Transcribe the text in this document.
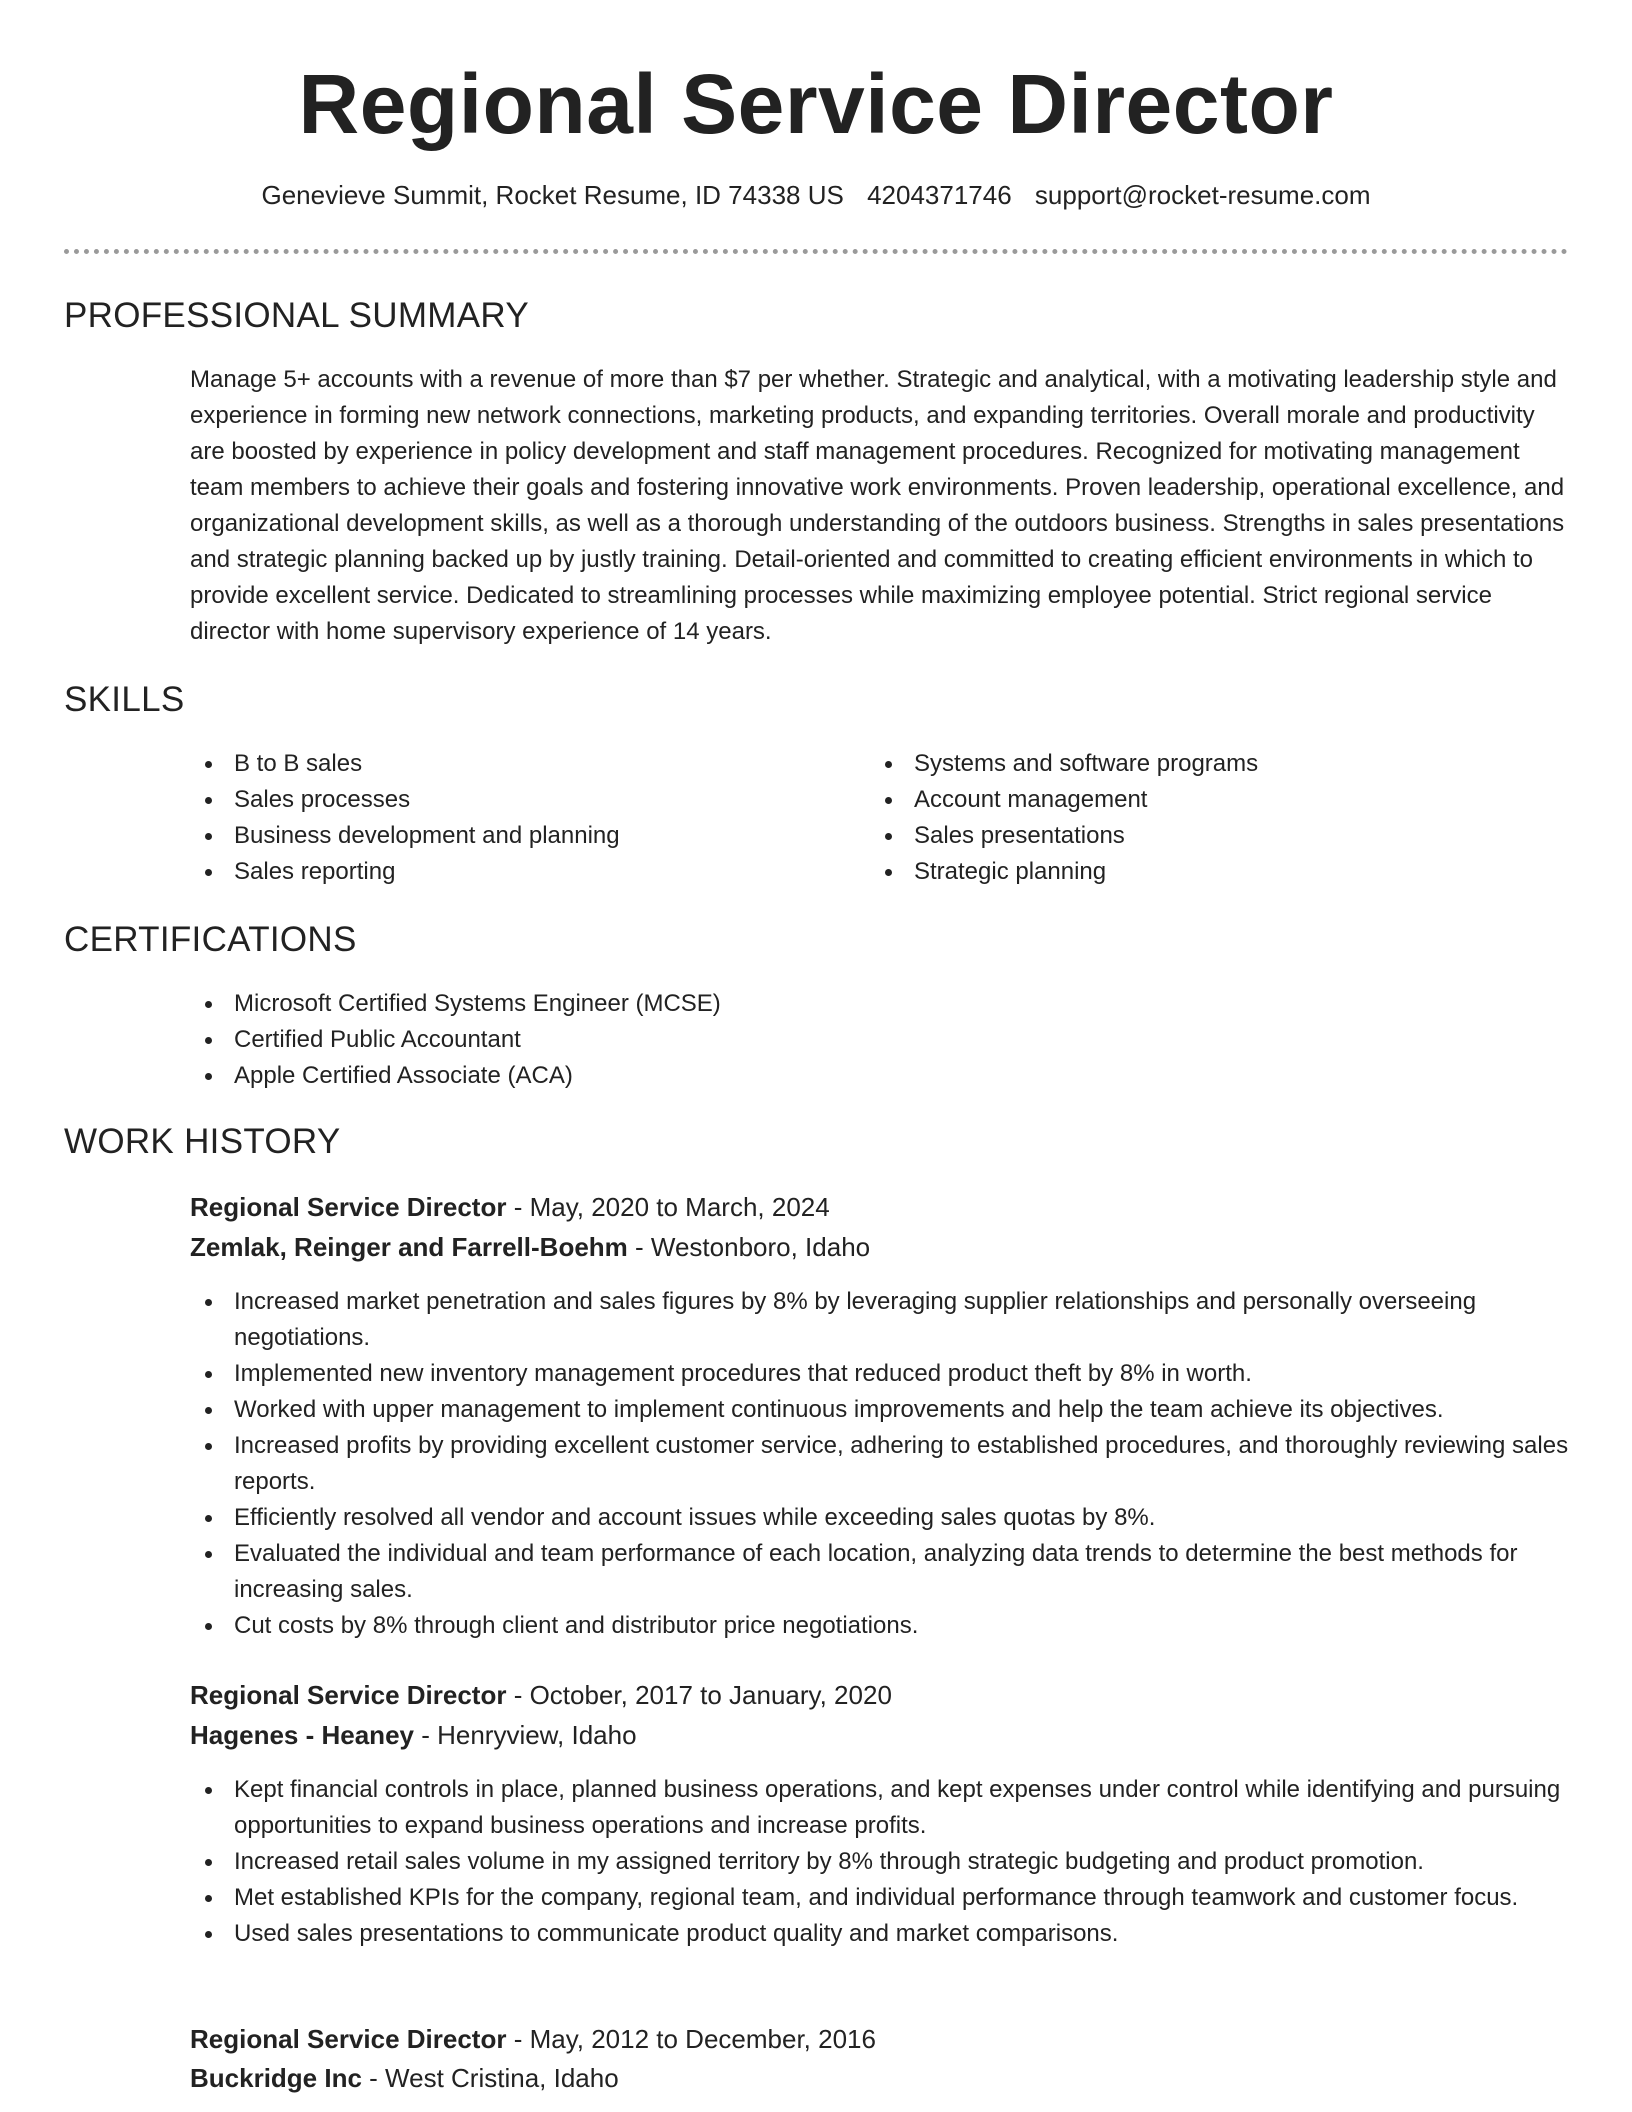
Regional Service Director
Genevieve Summit, Rocket Resume, ID 74338 US 4204371746 support@rocket-resume.com
PROFESSIONAL SUMMARY

Manage 5+ accounts with a revenue of more than $7 per whether. Strategic and analytical, with a motivating leadership style and experience in forming new network connections, marketing products, and expanding territories. Overall morale and productivity are boosted by experience in policy development and staff management procedures. Recognized for motivating management team members to achieve their goals and fostering innovative work environments. Proven leadership, operational excellence, and organizational development skills, as well as a thorough understanding of the outdoors business. Strengths in sales presentations and strategic planning backed up by justly training. Detail-oriented and committed to creating efficient environments in which to provide excellent service. Dedicated to streamlining processes while maximizing employee potential. Strict regional service director with home supervisory experience of 14 years.

SKILLS
B to B sales
Sales processes
Business development and planning
Sales reporting
Systems and software programs
Account management
Sales presentations
Strategic planning
CERTIFICATIONS
Microsoft Certified Systems Engineer (MCSE)
Certified Public Accountant
Apple Certified Associate (ACA)
WORK HISTORY
Regional Service Director - May, 2020 to March, 2024
Zemlak, Reinger and Farrell-Boehm - Westonboro, Idaho
Increased market penetration and sales figures by 8% by leveraging supplier relationships and personally overseeing negotiations.
Implemented new inventory management procedures that reduced product theft by 8% in worth.
Worked with upper management to implement continuous improvements and help the team achieve its objectives.
Increased profits by providing excellent customer service, adhering to established procedures, and thoroughly reviewing sales reports.
Efficiently resolved all vendor and account issues while exceeding sales quotas by 8%.
Evaluated the individual and team performance of each location, analyzing data trends to determine the best methods for increasing sales.
Cut costs by 8% through client and distributor price negotiations.
Regional Service Director - October, 2017 to January, 2020
Hagenes - Heaney - Henryview, Idaho
Kept financial controls in place, planned business operations, and kept expenses under control while identifying and pursuing opportunities to expand business operations and increase profits.
Increased retail sales volume in my assigned territory by 8% through strategic budgeting and product promotion.
Met established KPIs for the company, regional team, and individual performance through teamwork and customer focus.
Used sales presentations to communicate product quality and market comparisons.
Regional Service Director - May, 2012 to December, 2016
Buckridge Inc - West Cristina, Idaho
